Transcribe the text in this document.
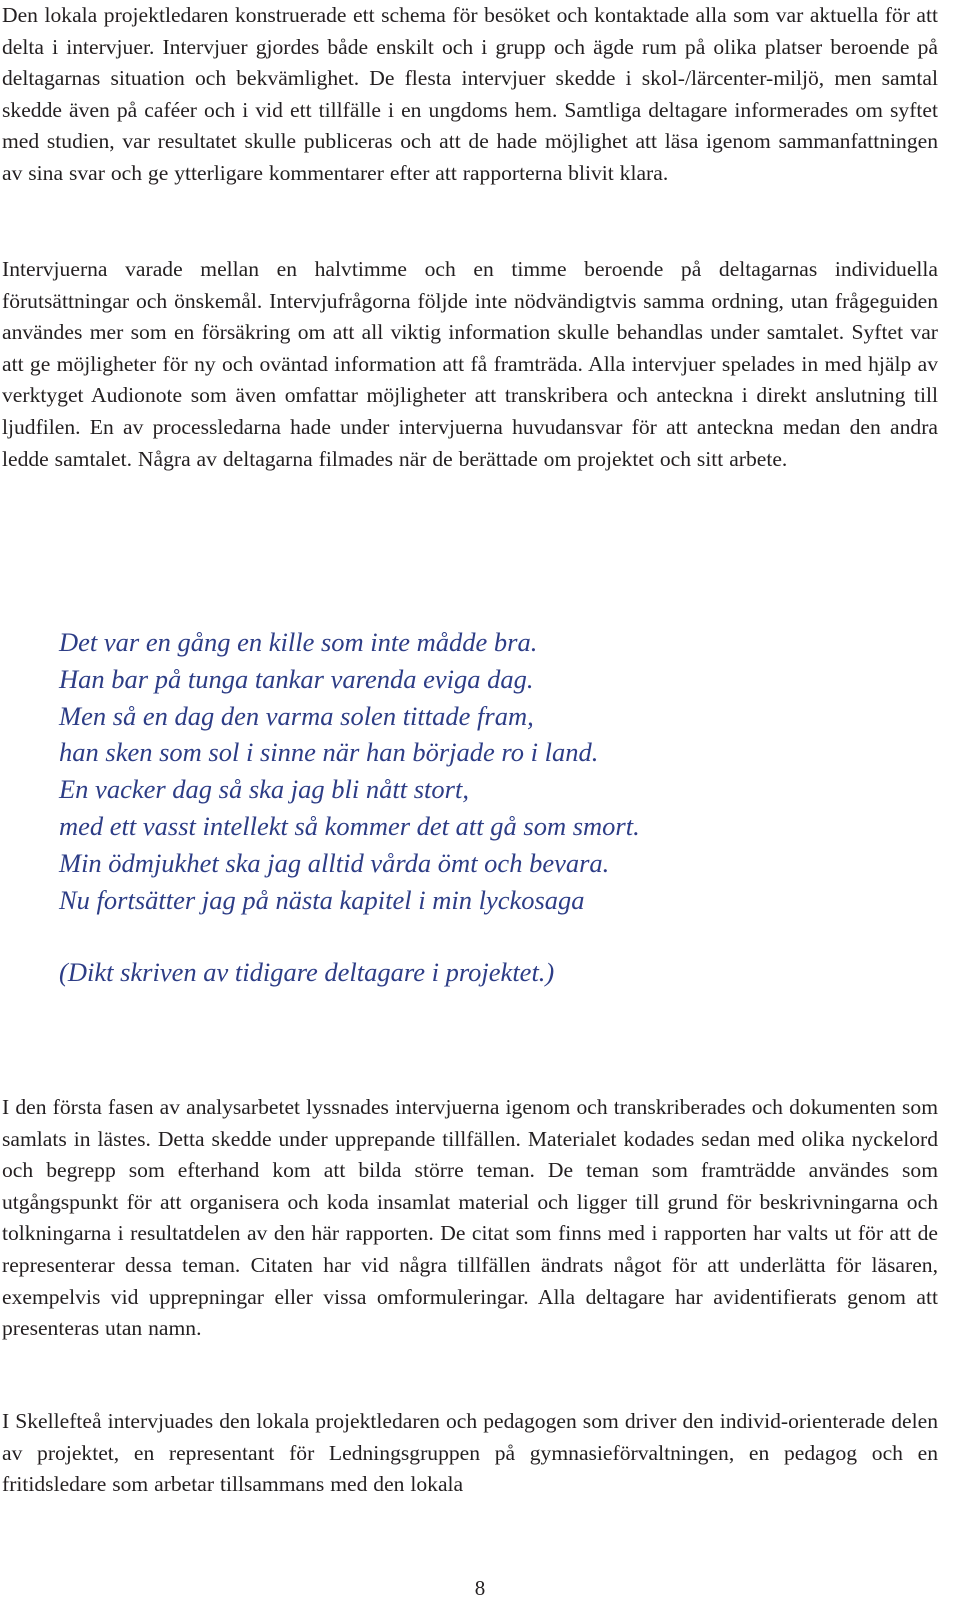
Den lokala projektledaren konstruerade ett schema för besöket och kontaktade alla som var aktuella för att delta i intervjuer. Intervjuer gjordes både enskilt och i grupp och ägde rum på olika platser beroende på deltagarnas situation och bekvämlighet. De flesta intervjuer skedde i skol-/lärcenter-miljö, men samtal skedde även på caféer och i vid ett tillfälle i en ungdoms hem. Samtliga deltagare informerades om syftet med studien, var resultatet skulle publiceras och att de hade möjlighet att läsa igenom sammanfattningen av sina svar och ge ytterligare kommentarer efter att rapporterna blivit klara.

Intervjuerna varade mellan en halvtimme och en timme beroende på deltagarnas individuella förutsättningar och önskemål. Intervjufrågorna följde inte nödvändigtvis samma ordning, utan frågeguiden användes mer som en försäkring om att all viktig information skulle behandlas under samtalet. Syftet var att ge möjligheter för ny och oväntad information att få framträda. Alla intervjuer spelades in med hjälp av verktyget Audionote som även omfattar möjligheter att transkribera och anteckna i direkt anslutning till ljudfilen. En av processledarna hade under intervjuerna huvudansvar för att anteckna medan den andra ledde samtalet. Några av deltagarna filmades när de berättade om projektet och sitt arbete.

Det var en gång en kille som inte mådde bra.
Han bar på tunga tankar varenda eviga dag.
Men så en dag den varma solen tittade fram,
han sken som sol i sinne när han började ro i land.
En vacker dag så ska jag bli nått stort,
med ett vasst intellekt så kommer det att gå som smort.
Min ödmjukhet ska jag alltid vårda ömt och bevara.
Nu fortsätter jag på nästa kapitel i min lyckosaga
(Dikt skriven av tidigare deltagare i projektet.)

I den första fasen av analysarbetet lyssnades intervjuerna igenom och transkriberades och dokumenten som samlats in lästes. Detta skedde under upprepande tillfällen. Materialet kodades sedan med olika nyckelord och begrepp som efterhand kom att bilda större teman. De teman som framträdde användes som utgångspunkt för att organisera och koda insamlat material och ligger till grund för beskrivningarna och tolkningarna i resultatdelen av den här rapporten. De citat som finns med i rapporten har valts ut för att de representerar dessa teman. Citaten har vid några tillfällen ändrats något för att underlätta för läsaren, exempelvis vid upprepningar eller vissa omformuleringar. Alla deltagare har avidentifierats genom att presenteras utan namn.

I Skellefteå intervjuades den lokala projektledaren och pedagogen som driver den individ-orienterade delen av projektet, en representant för Ledningsgruppen på gymnasieförvaltningen, en pedagog och en fritidsledare som arbetar tillsammans med den lokala

8
